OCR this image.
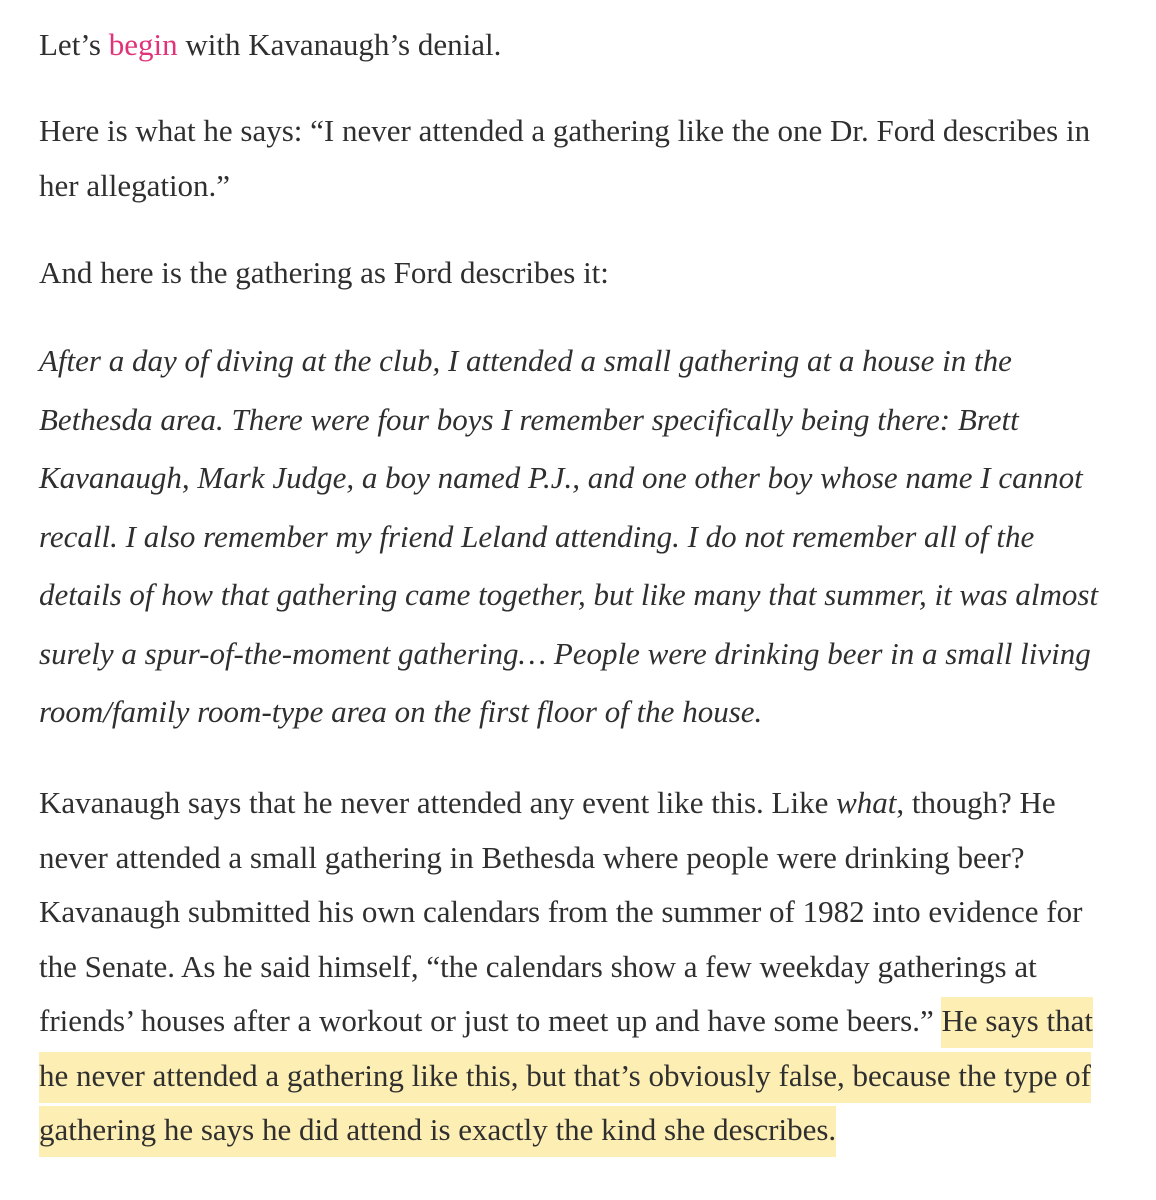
Let’s begin with Kavanaugh’s denial.

Here is what he says: “I never attended a gathering like the one Dr. Ford describes in her allegation.”

And here is the gathering as Ford describes it:

After a day of diving at the club, I attended a small gathering at a house in the Bethesda area. There were four boys I remember specifically being there: Brett Kavanaugh, Mark Judge, a boy named P.J., and one other boy whose name I cannot recall. I also remember my friend Leland attending. I do not remember all of the details of how that gathering came together, but like many that summer, it was almost surely a spur-of-the-moment gathering… People were drinking beer in a small living room/family room-type area on the first floor of the house.

Kavanaugh says that he never attended any event like this. Like what, though? He never attended a small gathering in Bethesda where people were drinking beer? Kavanaugh submitted his own calendars from the summer of 1982 into evidence for the Senate. As he said himself, “the calendars show a few weekday gatherings at friends’ houses after a workout or just to meet up and have some beers.” He says that he never attended a gathering like this, but that’s obviously false, because the type of gathering he says he did attend is exactly the kind she describes.
